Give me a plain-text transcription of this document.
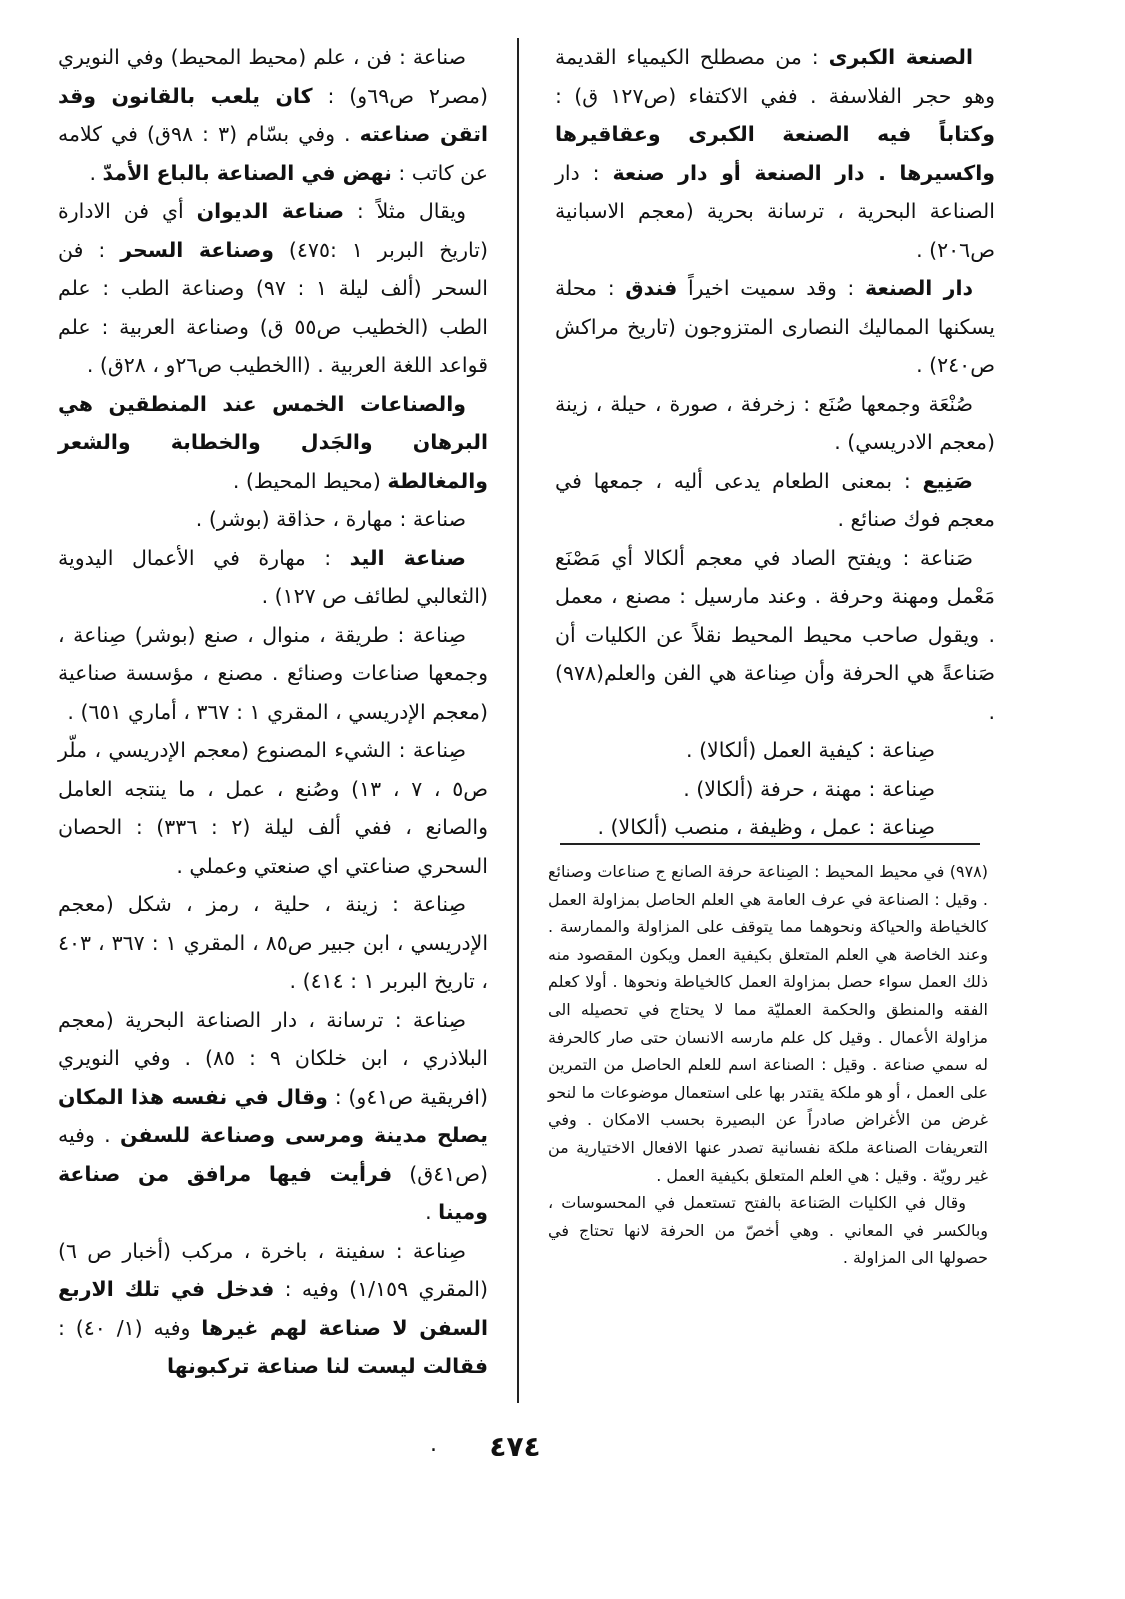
الصنعة الكبرى : من مصطلح الكيمياء القديمة وهو حجر الفلاسفة . ففي الاكتفاء (ص١٢٧ ق) : وكتاباً فيه الصنعة الكبرى وعقاقيرها واكسيرها . دار الصنعة أو دار صنعة : دار الصناعة البحرية ، ترسانة بحرية (معجم الاسبانية ص٢٠٦) .

دار الصنعة : وقد سميت اخيراً فندق : محلة يسكنها المماليك النصارى المتزوجون (تاريخ مراكش ص٢٤٠) .

صُنْعَة وجمعها صُنَع : زخرفة ، صورة ، حيلة ، زينة (معجم الادريسي) .

صَنِيع : بمعنى الطعام يدعى أليه ، جمعها في معجم فوك صنائع .

صَناعة : ويفتح الصاد في معجم ألكالا أي مَصْنَع مَعْمل ومهنة وحرفة . وعند مارسيل : مصنع ، معمل . ويقول صاحب محيط المحيط نقلاً عن الكليات أن صَناعةً هي الحرفة وأن صِناعة هي الفن والعلم(٩٧٨) .

صِناعة : كيفية العمل (ألكالا) .

صِناعة : مهنة ، حرفة (ألكالا) .

صِناعة : عمل ، وظيفة ، منصب (ألكالا) .

صناعة : فن ، علم (محيط المحيط) وفي النويري (مصر٢ ص٦٩و) : كان يلعب بالقانون وقد اتقن صناعته . وفي بسّام (٣ : ٩٨ق) في كلامه عن كاتب : نهض في الصناعة بالباع الأمدّ .

ويقال مثلاً : صناعة الديوان أي فن الادارة (تاريخ البربر ١ :٤٧٥) وصناعة السحر : فن السحر (ألف ليلة ١ : ٩٧) وصناعة الطب : علم الطب (الخطيب ص٥٥ ق) وصناعة العربية : علم قواعد اللغة العربية . (االخطيب ص٢٦و ، ٢٨ق) .

والصناعات الخمس عند المنطقين هي البرهان والجَدل والخطابة والشعر والمغالطة (محيط المحيط) .

صناعة : مهارة ، حذاقة (بوشر) .

صناعة اليد : مهارة في الأعمال اليدوية (الثعالبي لطائف ص ١٢٧) .

صِناعة : طريقة ، منوال ، صنع (بوشر) صِناعة ، وجمعها صناعات وصنائع . مصنع ، مؤسسة صناعية (معجم الإدريسي ، المقري ١ : ٣٦٧ ، أماري ٦٥١) .

صِناعة : الشيء المصنوع (معجم الإدريسي ، ملّر ص٥ ، ٧ ، ١٣) وصُنع ، عمل ، ما ينتجه العامل والصانع ، ففي ألف ليلة (٢ : ٣٣٦) : الحصان السحري صناعتي اي صنعتي وعملي .

صِناعة : زينة ، حلية ، رمز ، شكل (معجم الإدريسي ، ابن جبير ص٨٥ ، المقري ١ : ٣٦٧ ، ٤٠٣ ، تاريخ البربر ١ : ٤١٤) .

صِناعة : ترسانة ، دار الصناعة البحرية (معجم البلاذري ، ابن خلكان ٩ : ٨٥) . وفي النويري (افريقية ص٤١و) : وقال في نفسه هذا المكان يصلح مدينة ومرسى وصناعة للسفن . وفيه (ص٤١ق) فرأيت فيها مرافق من صناعة ومينا .

صِناعة : سفينة ، باخرة ، مركب (أخبار ص ٦) (المقري ١/١٥٩) وفيه : فدخل في تلك الاربع السفن لا صناعة لهم غيرها وفيه (١/ ٤٠) : فقالت ليست لنا صناعة تركبونها

(٩٧٨) في محيط المحيط : الصِناعة حرفة الصانع ج صناعات وصنائع . وقيل : الصناعة في عرف العامة هي العلم الحاصل بمزاولة العمل كالخياطة والحياكة ونحوهما مما يتوقف على المزاولة والممارسة . وعند الخاصة هي العلم المتعلق بكيفية العمل ويكون المقصود منه ذلك العمل سواء حصل بمزاولة العمل كالخياطة ونحوها . أولا كعلم الفقه والمنطق والحكمة العمليّة مما لا يحتاج في تحصيله الى مزاولة الأعمال . وقيل كل علم مارسه الانسان حتى صار كالحرفة له سمي صناعة . وقيل : الصناعة اسم للعلم الحاصل من التمرين على العمل ، أو هو ملكة يقتدر بها على استعمال موضوعات ما لنحو غرض من الأغراض صادراً عن البصيرة بحسب الامكان . وفي التعريفات الصناعة ملكة نفسانية تصدر عنها الافعال الاختيارية من غير رويّة . وقيل : هي العلم المتعلق بكيفية العمل .

وقال في الكليات الصَناعة بالفتح تستعمل في المحسوسات ، وبالكسر في المعاني . وهي أخصّ من الحرفة لانها تحتاج في حصولها الى المزاولة .

.	٤٧٤
